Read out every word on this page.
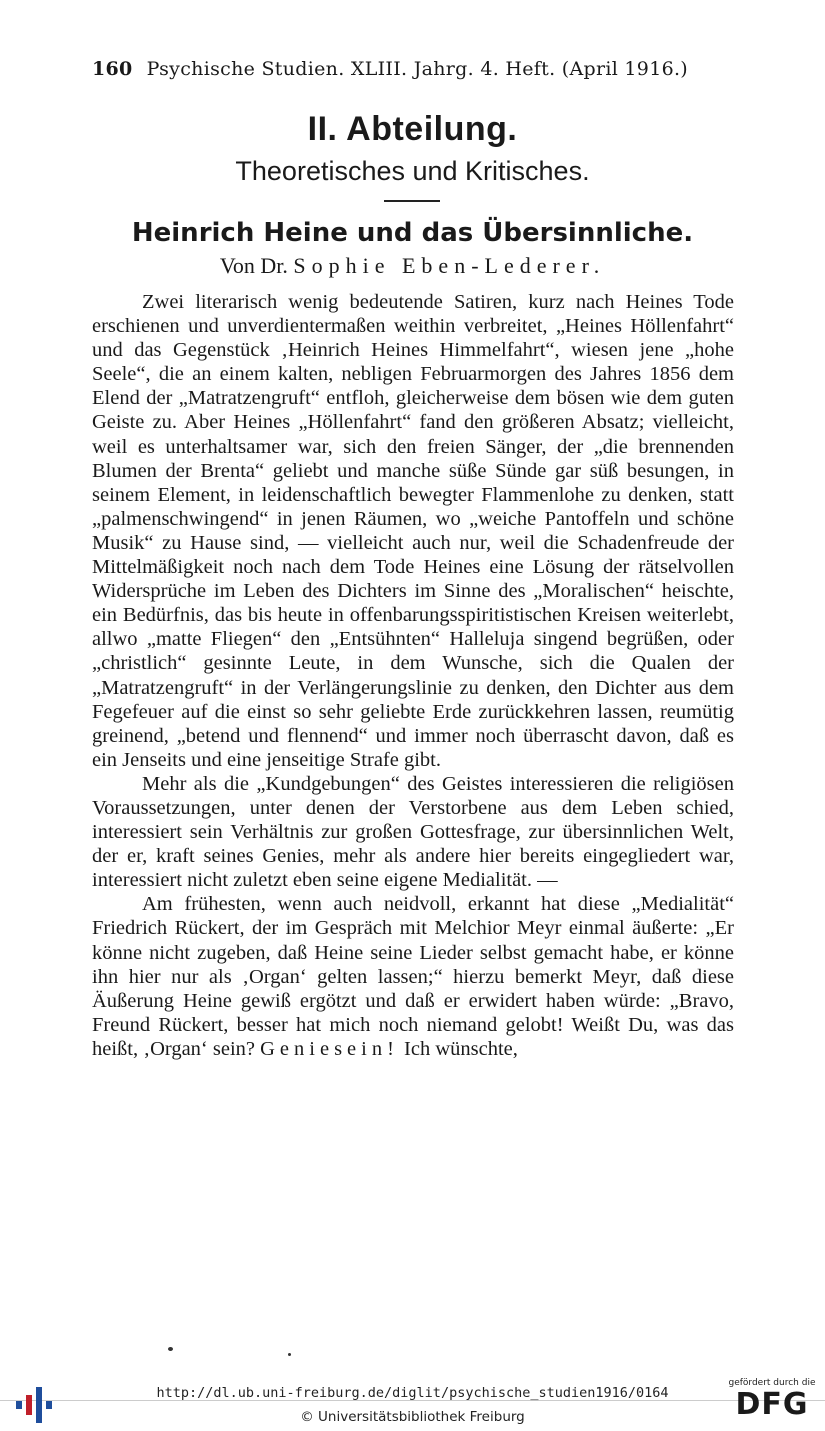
160 Psychische Studien. XLIII. Jahrg. 4. Heft. (April 1916.)
II. Abteilung.
Theoretisches und Kritisches.
Heinrich Heine und das Übersinnliche.
Von Dr. Sophie Eben-Lederer.

Zwei literarisch wenig bedeutende Satiren, kurz nach Heines Tode erschienen und unverdientermaßen weithin verbreitet, „Heines Höllenfahrt“ und das Gegenstück ‚Heinrich Heines Himmelfahrt“, wiesen jene „hohe Seele“, die an einem kalten, nebligen Februarmorgen des Jahres 1856 dem Elend der „Matratzengruft“ entfloh, gleicherweise dem bösen wie dem guten Geiste zu. Aber Heines „Höllenfahrt“ fand den größeren Absatz; vielleicht, weil es unterhaltsamer war, sich den freien Sänger, der „die brennenden Blumen der Brenta“ geliebt und manche süße Sünde gar süß besungen, in seinem Element, in leidenschaftlich bewegter Flammenlohe zu denken, statt „palmenschwingend“ in jenen Räumen, wo „weiche Pantoffeln und schöne Musik“ zu Hause sind, — vielleicht auch nur, weil die Schadenfreude der Mittelmäßigkeit noch nach dem Tode Heines eine Lösung der rätselvollen Widersprüche im Leben des Dichters im Sinne des „Moralischen“ heischte, ein Bedürfnis, das bis heute in offenbarungsspiritistischen Kreisen weiterlebt, allwo „matte Fliegen“ den „Entsühnten“ Halleluja singend begrüßen, oder „christlich“ gesinnte Leute, in dem Wunsche, sich die Qualen der „Matratzengruft“ in der Verlängerungslinie zu denken, den Dichter aus dem Fegefeuer auf die einst so sehr geliebte Erde zurückkehren lassen, reumütig greinend, „betend und flennend“ und immer noch überrascht davon, daß es ein Jenseits und eine jenseitige Strafe gibt.

Mehr als die „Kundgebungen“ des Geistes interessieren die religiösen Voraussetzungen, unter denen der Verstorbene aus dem Leben schied, interessiert sein Verhältnis zur großen Gottesfrage, zur übersinnlichen Welt, der er, kraft seines Genies, mehr als andere hier bereits eingegliedert war, interessiert nicht zuletzt eben seine eigene Medialität. —

Am frühesten, wenn auch neidvoll, erkannt hat diese „Medialität“ Friedrich Rückert, der im Gespräch mit Melchior Meyr einmal äußerte: „Er könne nicht zugeben, daß Heine seine Lieder selbst gemacht habe, er könne ihn hier nur als ‚Organ‘ gelten lassen;“ hierzu bemerkt Meyr, daß diese Äußerung Heine gewiß ergötzt und daß er erwidert haben würde: „Bravo, Freund Rückert, besser hat mich noch niemand gelobt! Weißt Du, was das heißt, ‚Organ‘ sein? Geniesein! Ich wünschte,

http://dl.ub.uni-freiburg.de/diglit/psychische_studien1916/0164
© Universitätsbibliothek Freiburg
gefördert durch die
DFG
